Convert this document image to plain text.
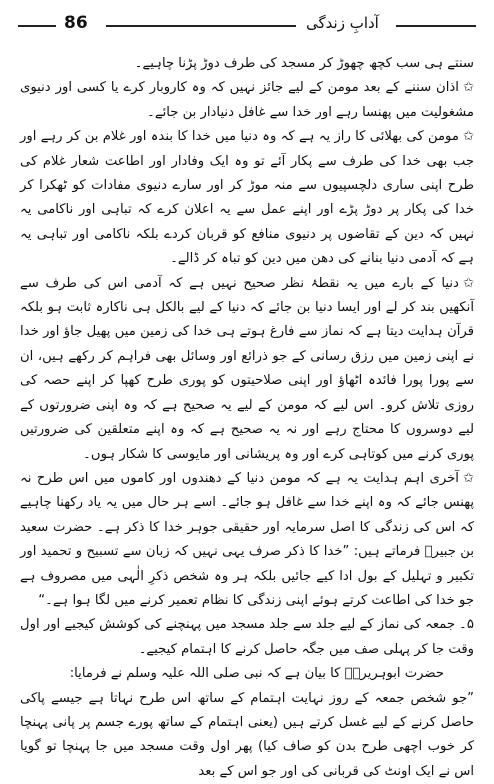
86	آدابِ زندگی

سنتے ہی سب کچھ چھوڑ کر مسجد کی طرف دوڑ پڑنا چاہیے۔

✩اذان سننے کے بعد مومن کے لیے جائز نہیں کہ وہ کاروبار کرے یا کسی اور دنیوی مشغولیت میں پھنسا رہے اور خدا سے غافل دنیادار بن جائے۔

✩مومن کی بھلائی کا راز یہ ہے کہ وہ دنیا میں خدا کا بندہ اور غلام بن کر رہے اور جب بھی خدا کی طرف سے پکار آئے تو وہ ایک وفادار اور اطاعت شعار غلام کی طرح اپنی ساری دلچسپیوں سے منہ موڑ کر اور سارے دنیوی مفادات کو ٹھکرا کر خدا کی پکار پر دوڑ پڑے اور اپنے عمل سے یہ اعلان کرے کہ تباہی اور ناکامی یہ نہیں کہ دین کے تقاضوں پر دنیوی منافع کو قربان کردے بلکہ ناکامی اور تباہی یہ ہے کہ آدمی دنیا بنانے کی دھن میں دین کو تباہ کر ڈالے۔

✩دنیا کے بارے میں یہ نقطۂ نظر صحیح نہیں ہے کہ آدمی اس کی طرف سے آنکھیں بند کر لے اور ایسا دنیا بن جائے کہ دنیا کے لیے بالکل ہی ناکارہ ثابت ہو بلکہ قرآن ہدایت دیتا ہے کہ نماز سے فارغ ہوتے ہی خدا کی زمین میں پھیل جاؤ اور خدا نے اپنی زمین میں رزق رسانی کے جو ذرائع اور وسائل بھی فراہم کر رکھے ہیں، ان سے پورا پورا فائدہ اٹھاؤ اور اپنی صلاحیتوں کو پوری طرح کھپا کر اپنے حصہ کی روزی تلاش کرو۔ اس لیے کہ مومن کے لیے یہ صحیح ہے کہ وہ اپنی ضرورتوں کے لیے دوسروں کا محتاج رہے اور نہ یہ صحیح ہے کہ وہ اپنے متعلقین کی ضرورتیں پوری کرنے میں کوتاہی کرے اور وہ پریشانی اور مایوسی کا شکار ہوں۔

✩آخری اہم ہدایت یہ ہے کہ مومن دنیا کے دھندوں اور کاموں میں اس طرح نہ پھنس جائے کہ وہ اپنے خدا سے غافل ہو جائے۔ اسے ہر حال میں یہ یاد رکھنا چاہیے کہ اس کی زندگی کا اصل سرمایہ اور حقیقی جوہر خدا کا ذکر ہے۔ حضرت سعید بن جبیرؓ فرماتے ہیں: ”خدا کا ذکر صرف یہی نہیں کہ زبان سے تسبیح و تحمید اور تکبیر و تہلیل کے بول ادا کیے جائیں بلکہ ہر وہ شخص ذکرِ الٰہی میں مصروف ہے جو خدا کی اطاعت کرتے ہوئے اپنی زندگی کا نظام تعمیر کرنے میں لگا ہوا ہے۔“

۵۔ جمعہ کی نماز کے لیے جلد سے جلد مسجد میں پہنچنے کی کوشش کیجیے اور اول وقت جا کر پہلی صف میں جگہ حاصل کرنے کا اہتمام کیجیے۔

حضرت ابوہریرہؓ کا بیان ہے کہ نبی صلی اللہ علیہ وسلم نے فرمایا:

”جو شخص جمعہ کے روز نہایت اہتمام کے ساتھ اس طرح نہاتا ہے جیسے پاکی حاصل کرنے کے لیے غسل کرتے ہیں (یعنی اہتمام کے ساتھ پورے جسم پر پانی پہنچا کر خوب اچھی طرح بدن کو صاف کیا) پھر اول وقت مسجد میں جا پہنچا تو گویا اس نے ایک اونٹ کی قربانی کی اور جو اس کے بعد
